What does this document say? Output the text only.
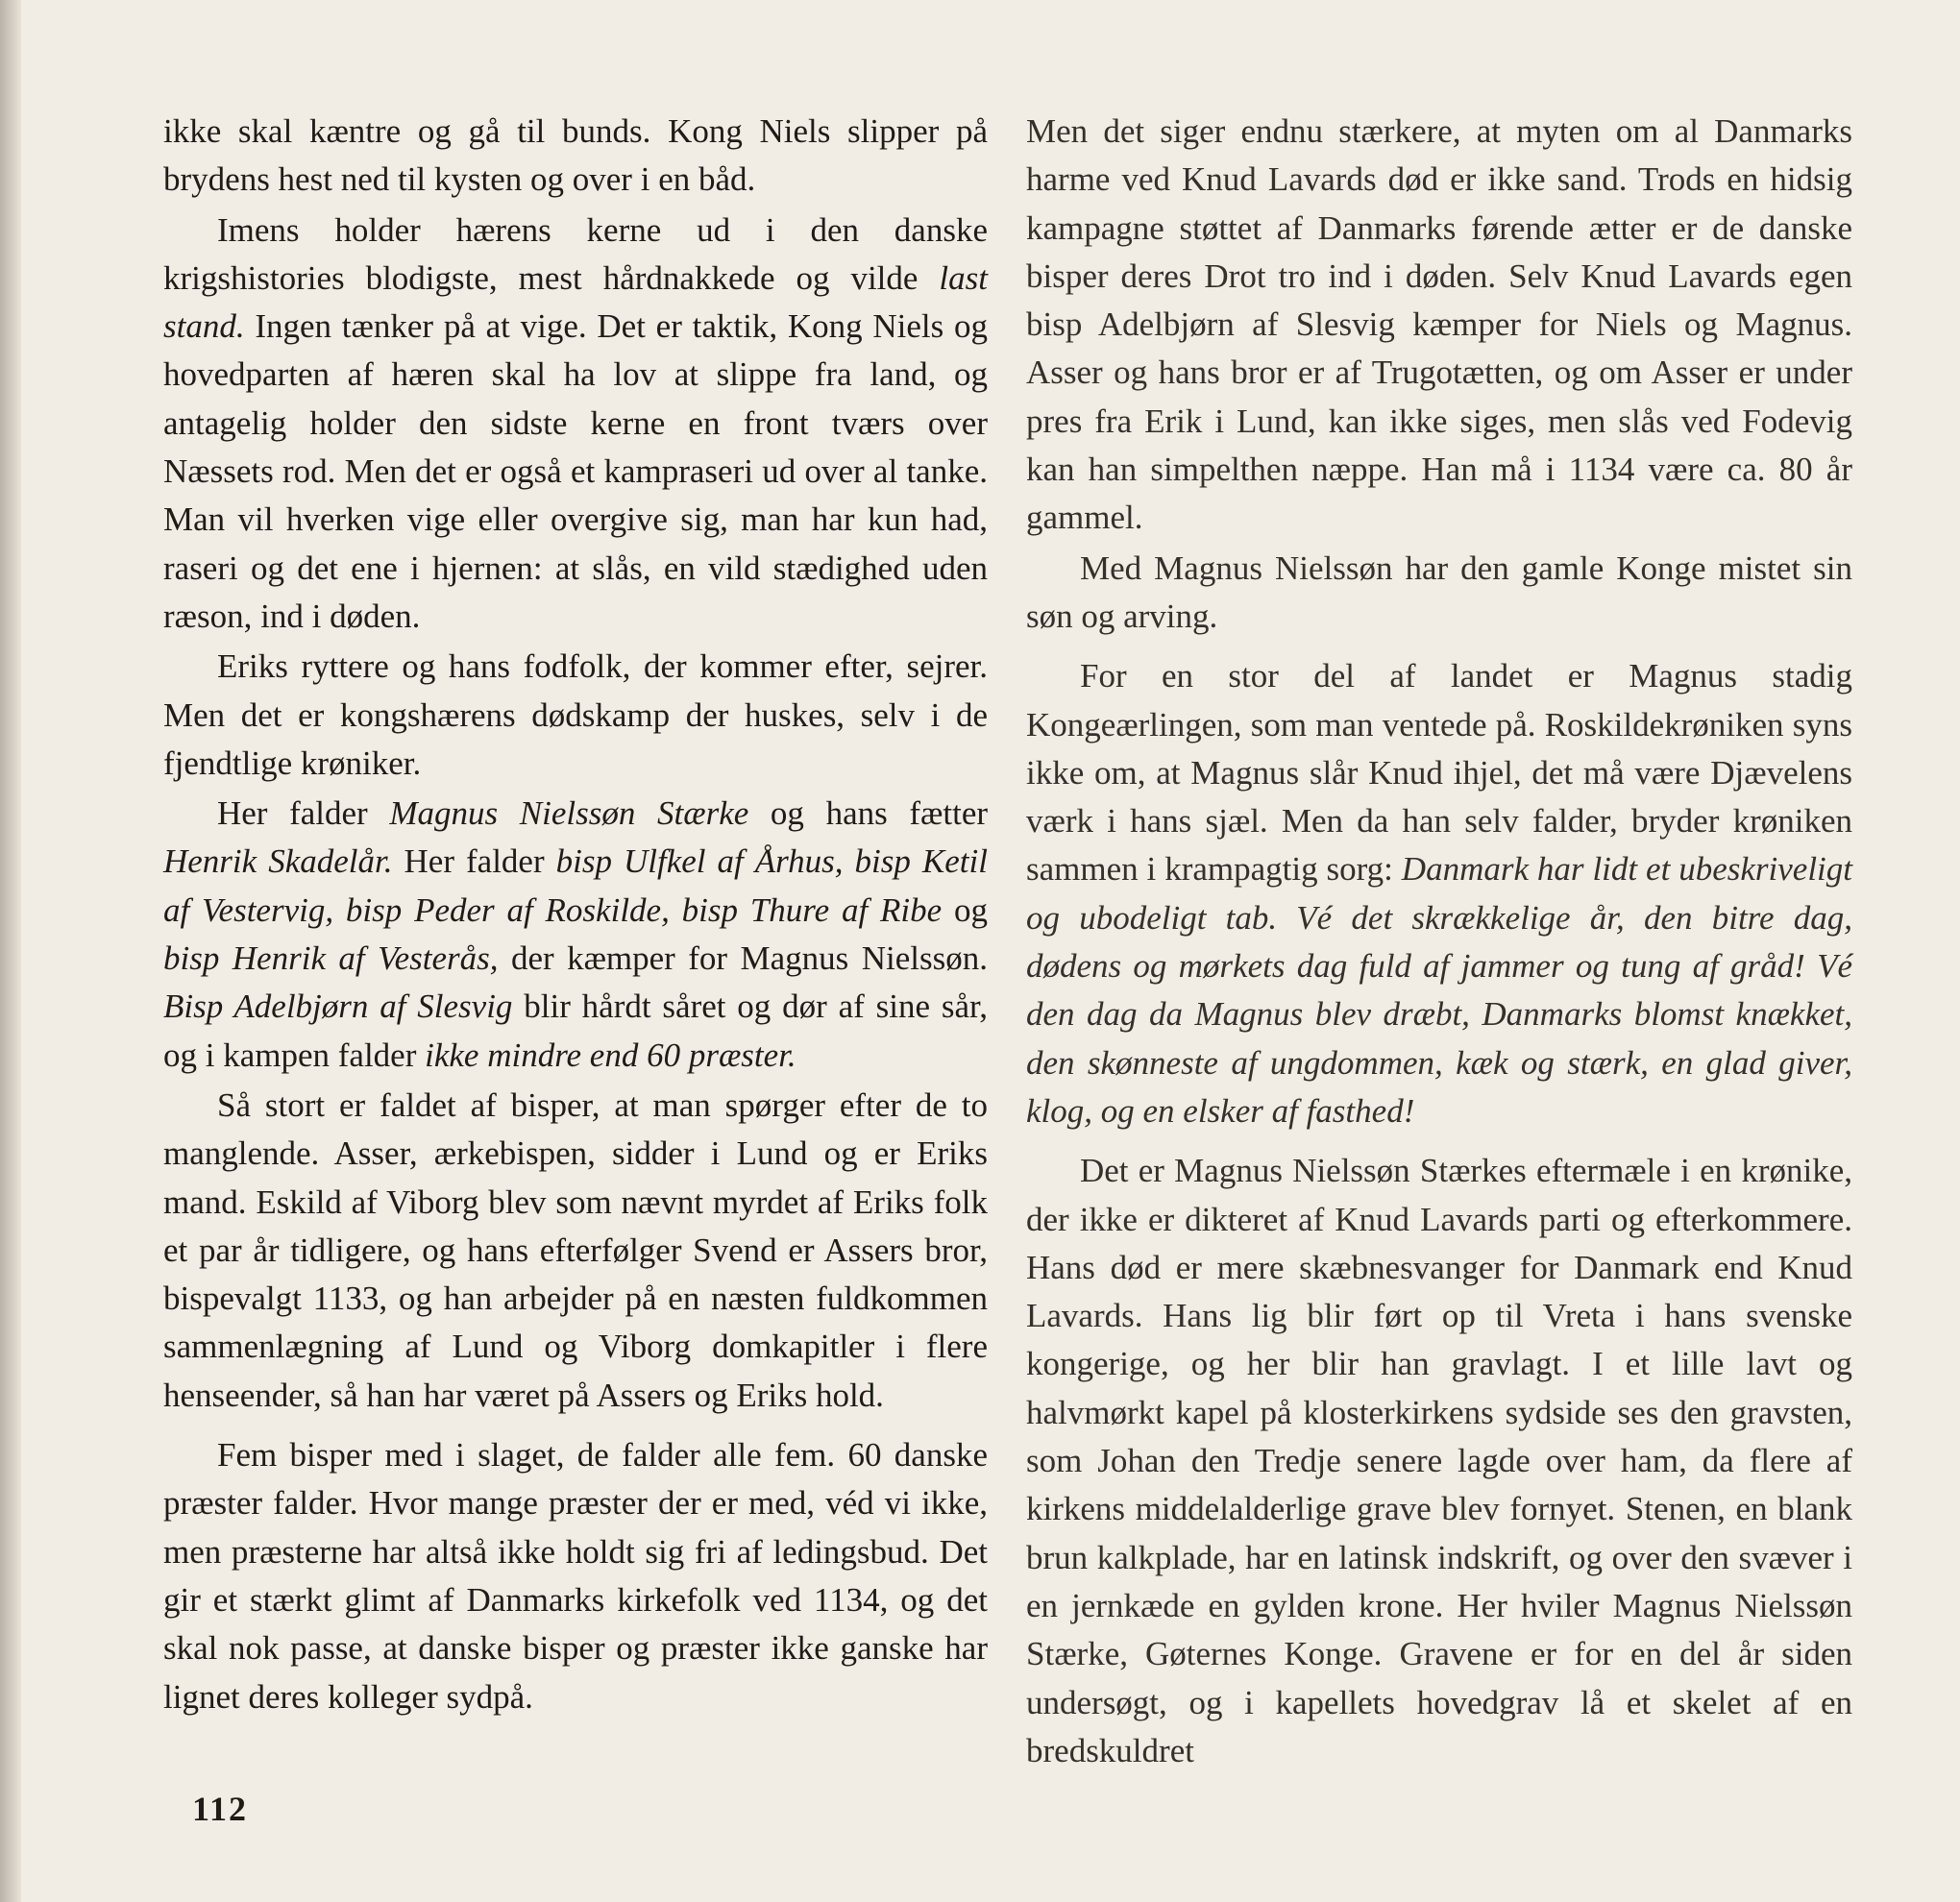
ikke skal kæntre og gå til bunds. Kong Niels slipper på brydens hest ned til kysten og over i en båd.

Imens holder hærens kerne ud i den danske krigshistories blodigste, mest hårdnakkede og vilde last stand. Ingen tænker på at vige. Det er taktik, Kong Niels og hovedparten af hæren skal ha lov at slippe fra land, og antagelig holder den sidste kerne en front tværs over Næssets rod. Men det er også et kampraseri ud over al tanke. Man vil hverken vige eller overgive sig, man har kun had, raseri og det ene i hjernen: at slås, en vild stædighed uden ræson, ind i døden.

Eriks ryttere og hans fodfolk, der kommer efter, sejrer. Men det er kongshærens dødskamp der huskes, selv i de fjendtlige krøniker.

Her falder Magnus Nielssøn Stærke og hans fætter Henrik Skadelår. Her falder bisp Ulfkel af Århus, bisp Ketil af Vestervig, bisp Peder af Roskilde, bisp Thure af Ribe og bisp Henrik af Vesterås, der kæmper for Magnus Nielssøn. Bisp Adelbjørn af Slesvig blir hårdt såret og dør af sine sår, og i kampen falder ikke mindre end 60 præster.

Så stort er faldet af bisper, at man spørger efter de to manglende. Asser, ærkebispen, sidder i Lund og er Eriks mand. Eskild af Viborg blev som nævnt myrdet af Eriks folk et par år tidligere, og hans efterfølger Svend er Assers bror, bispevalgt 1133, og han arbejder på en næsten fuldkommen sammenlægning af Lund og Viborg domkapitler i flere henseender, så han har været på Assers og Eriks hold.

Fem bisper med i slaget, de falder alle fem. 60 danske præster falder. Hvor mange præster der er med, véd vi ikke, men præsterne har altså ikke holdt sig fri af ledingsbud. Det gir et stærkt glimt af Danmarks kirkefolk ved 1134, og det skal nok passe, at danske bisper og præster ikke ganske har lignet deres kolleger sydpå.

Men det siger endnu stærkere, at myten om al Danmarks harme ved Knud Lavards død er ikke sand. Trods en hidsig kampagne støttet af Danmarks førende ætter er de danske bisper deres Drot tro ind i døden. Selv Knud Lavards egen bisp Adelbjørn af Slesvig kæmper for Niels og Magnus. Asser og hans bror er af Trugotætten, og om Asser er under pres fra Erik i Lund, kan ikke siges, men slås ved Fodevig kan han simpelthen næppe. Han må i 1134 være ca. 80 år gammel.

Med Magnus Nielssøn har den gamle Konge mistet sin søn og arving.

For en stor del af landet er Magnus stadig Kongeærlingen, som man ventede på. Roskildekrøniken syns ikke om, at Magnus slår Knud ihjel, det må være Djævelens værk i hans sjæl. Men da han selv falder, bryder krøniken sammen i krampagtig sorg: Danmark har lidt et ubeskriveligt og ubodeligt tab. Vé det skrækkelige år, den bitre dag, dødens og mørkets dag fuld af jammer og tung af gråd! Vé den dag da Magnus blev dræbt, Danmarks blomst knækket, den skønneste af ungdommen, kæk og stærk, en glad giver, klog, og en elsker af fasthed!

Det er Magnus Nielssøn Stærkes eftermæle i en krønike, der ikke er dikteret af Knud Lavards parti og efterkommere. Hans død er mere skæbnesvanger for Danmark end Knud Lavards. Hans lig blir ført op til Vreta i hans svenske kongerige, og her blir han gravlagt. I et lille lavt og halvmørkt kapel på klosterkirkens sydside ses den gravsten, som Johan den Tredje senere lagde over ham, da flere af kirkens middelalderlige grave blev fornyet. Stenen, en blank brun kalkplade, har en latinsk indskrift, og over den svæver i en jernkæde en gylden krone. Her hviler Magnus Nielssøn Stærke, Gøternes Konge. Gravene er for en del år siden undersøgt, og i kapellets hovedgrav lå et skelet af en bredskuldret

112
